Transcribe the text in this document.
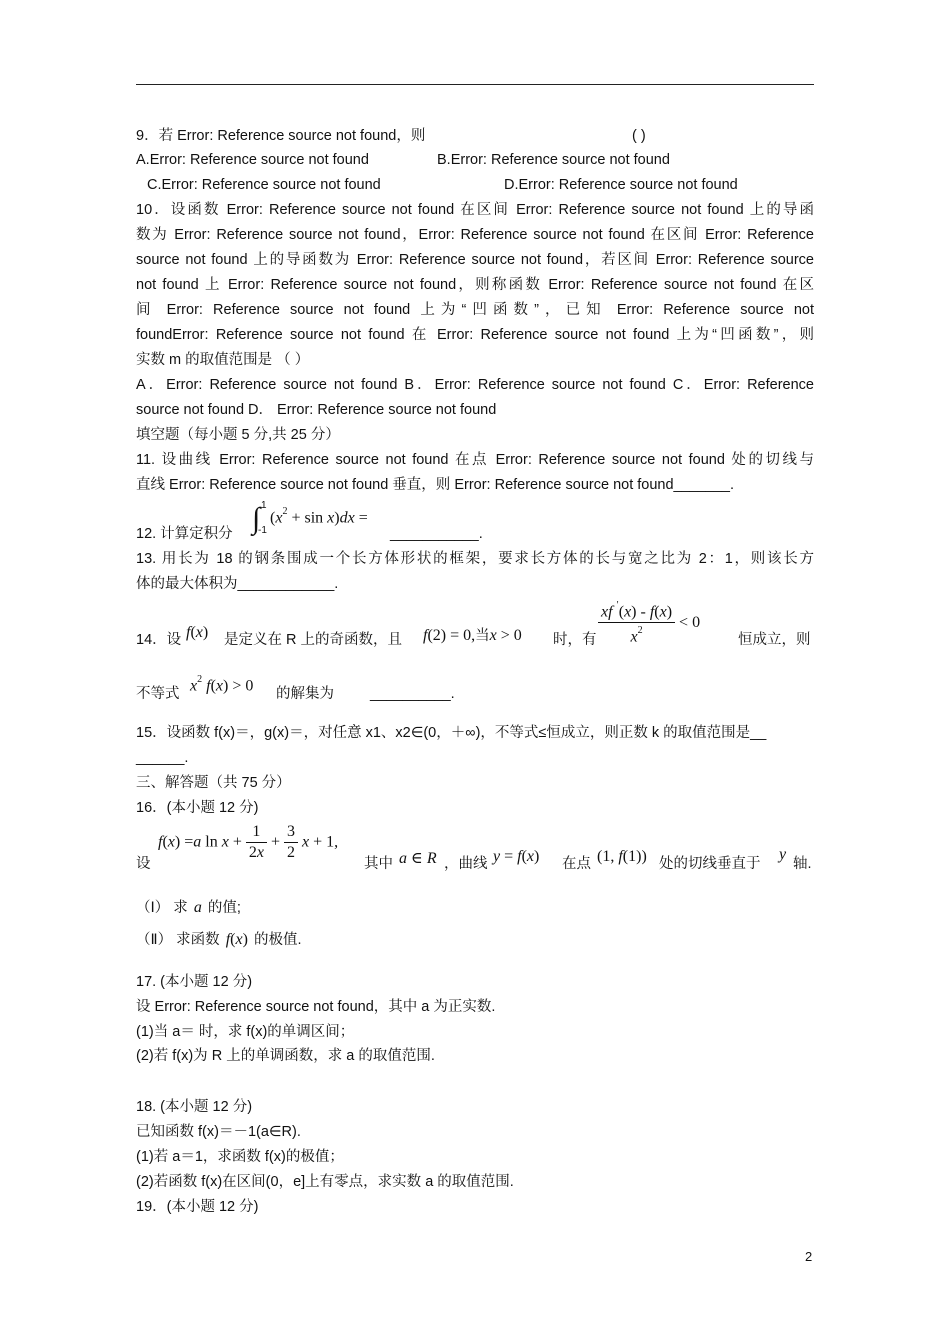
9．若 Error: Reference source not found，则	( )
A.Error: Reference source not found	B.Error: Reference source not found
C.Error: Reference source not found	D.Error: Reference source not found
10．设函数 Error: Reference source not found 在区间 Error: Reference source not found 上的导函
数为 Error: Reference source not found，Error: Reference source not found 在区间 Error: Reference
source not found 上的导函数为 Error: Reference source not found，若区间 Error: Reference source
not found 上 Error: Reference source not found，则称函数 Error: Reference source not found 在区
间 Error: Reference source not found 上为“凹函数”，已知 Error: Reference source not
foundError: Reference source not found 在 Error: Reference source not found 上为“凹函数”，则
实数 m 的取值范围是 （ ）
A．Error: Reference source not found B．Error: Reference source not found C．Error: Reference
source not found D． Error: Reference source not found
填空题（每小题 5 分,共 25 分）
11. 设曲线 Error: Reference source not found 在点 Error: Reference source not found 处的切线与
直线 Error: Reference source not found 垂直，则 Error: Reference source not found_______.
12. 计算定积分 ∫ 1
-1
$(x^2 + \sin x)dx$ =
___________.
13. 用长为 18 的钢条围成一个长方体形状的框架，要求长方体的长与宽之比为 2：1，则该长方
体的最大体积为____________.
14．设 f(x) 是定义在 R 上的奇函数，且 f(2) = 0,当x > 0 时，有 $\frac{xf '(x) - f(x)}{x^2} < 0$
恒成立，则
不等式 $x^2$ f(x) > 0 的解集为 __________.
15．设函数 f(x)＝，g(x)＝，对任意 x1、x2∈(0，＋∞)，不等式≤恒成立，则正数 k 的取值范围是__
______.
三、解答题（共 75 分）
16．(本小题 12 分)
设
f(x) =a $\ln x + \frac{1}{2x} + \frac{3}{2}$ x + 1,
其中 a ∈ R ，曲线 y = f(x) 在点 (1, f(1)) 处的切线垂直于
y
轴.
（Ⅰ） 求 a 的值;
（Ⅱ） 求函数 f(x) 的极值.
17. (本小题 12 分)
设 Error: Reference source not found，其中 a 为正实数.
(1)当 a＝ 时，求 f(x)的单调区间；
(2)若 f(x)为 R 上的单调函数，求 a 的取值范围.
18. (本小题 12 分)
已知函数 f(x)＝－1(a∈R).
(1)若 a＝1，求函数 f(x)的极值；
(2)若函数 f(x)在区间(0，e]上有零点，求实数 a 的取值范围.
19．(本小题 12 分)
2
